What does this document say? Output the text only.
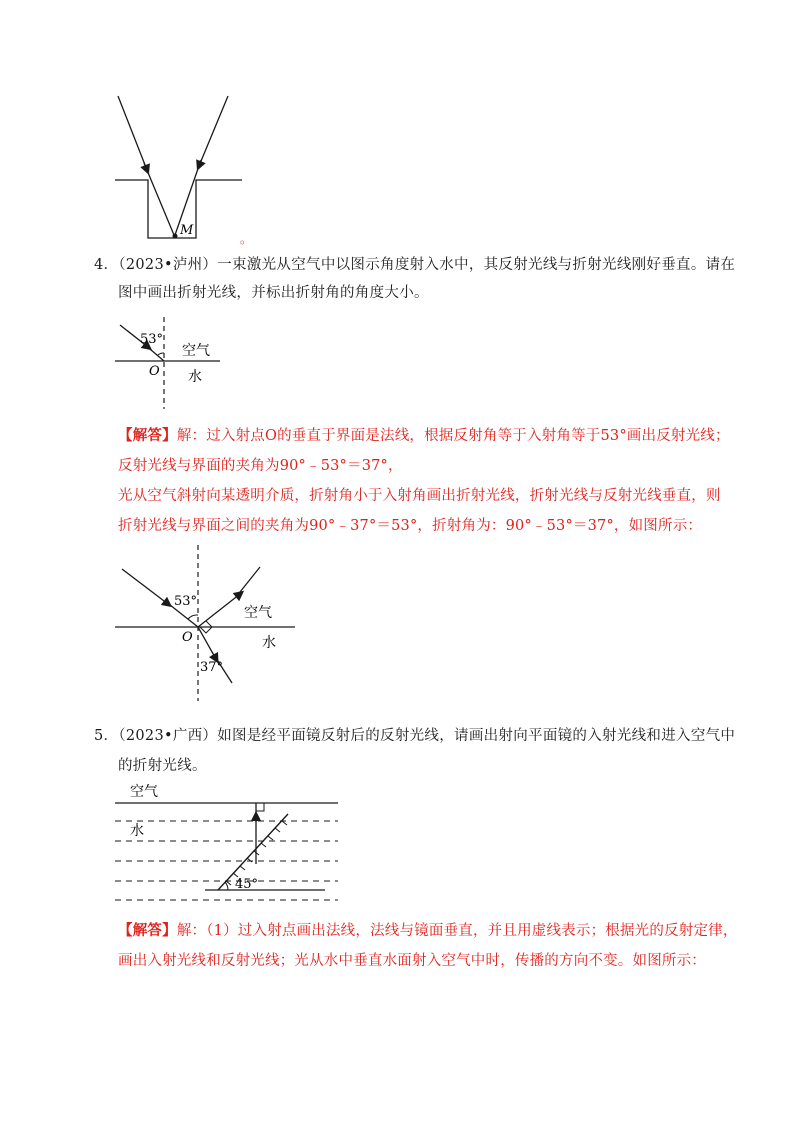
M
。
4．（2023•泸州）一束激光从空气中以图示角度射入水中，其反射光线与折射光线刚好垂直。请在
图中画出折射光线，并标出折射角的角度大小。
53°
空气
水
O
【解答】解：过入射点O的垂直于界面是法线，根据反射角等于入射角等于53°画出反射光线；
反射光线与界面的夹角为90°﹣53°＝37°，
光从空气斜射向某透明介质，折射角小于入射角画出折射光线，折射光线与反射光线垂直，则
折射光线与界面之间的夹角为90°﹣37°＝53°，折射角为：90°﹣53°＝37°，如图所示：
53°
37°
空气
水
O
5．（2023•广西）如图是经平面镜反射后的反射光线，请画出射向平面镜的入射光线和进入空气中
的折射光线。
空气
水
45°
【解答】解：（1）过入射点画出法线，法线与镜面垂直，并且用虚线表示；根据光的反射定律，
画出入射光线和反射光线；光从水中垂直水面射入空气中时，传播的方向不变。如图所示：
